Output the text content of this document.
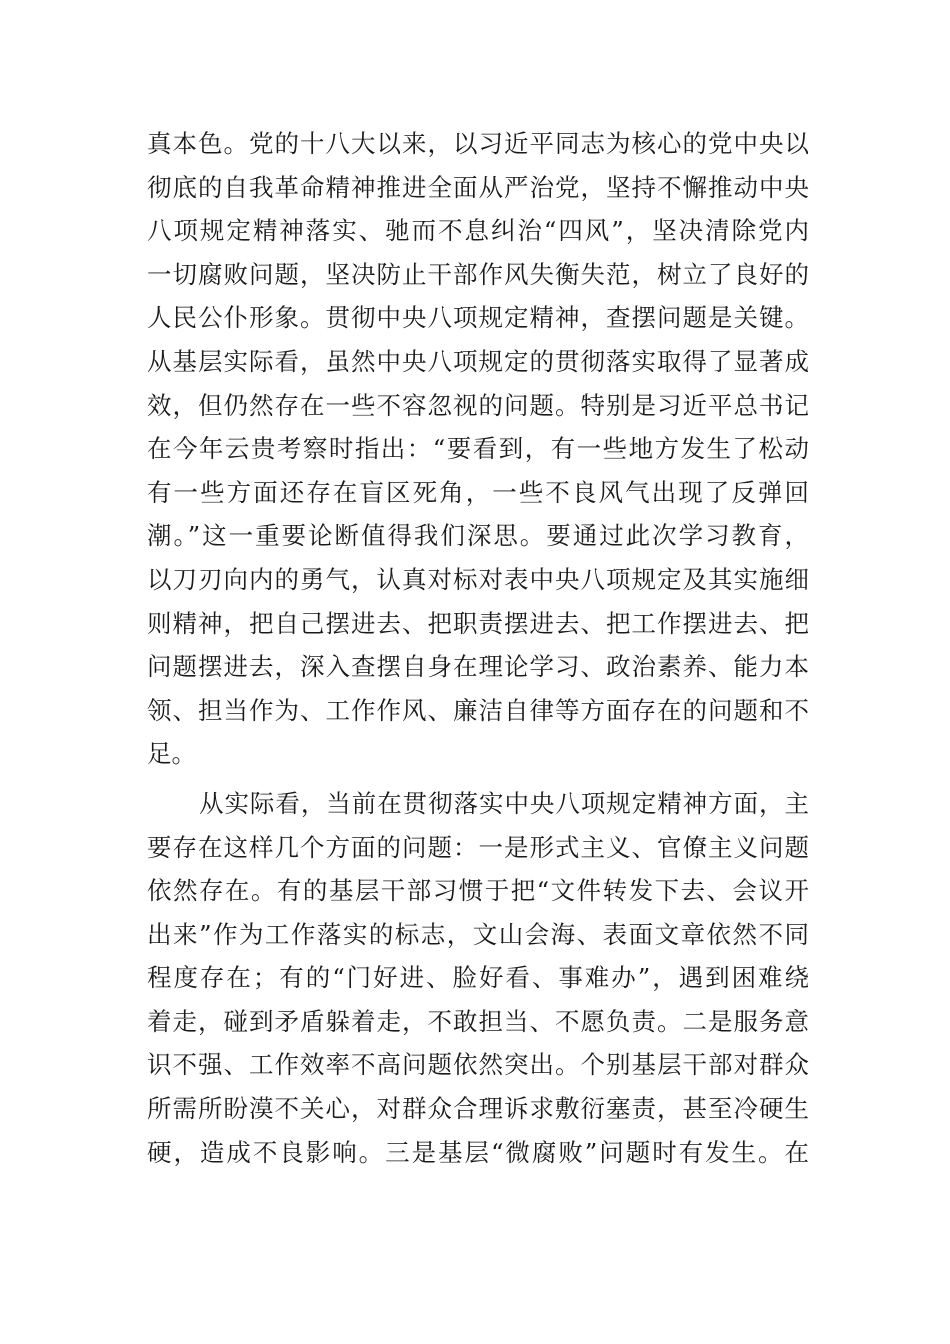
真本色。党的十八大以来，以习近平同志为核心的党中央以
彻底的自我革命精神推进全面从严治党，坚持不懈推动中央
八项规定精神落实、驰而不息纠治“四风”，坚决清除党内
一切腐败问题，坚决防止干部作风失衡失范，树立了良好的
人民公仆形象。贯彻中央八项规定精神，查摆问题是关键。
从基层实际看，虽然中央八项规定的贯彻落实取得了显著成
效，但仍然存在一些不容忽视的问题。特别是习近平总书记
在今年云贵考察时指出：“要看到，有一些地方发生了松动
有一些方面还存在盲区死角，一些不良风气出现了反弹回
潮。”这一重要论断值得我们深思。要通过此次学习教育，
以刀刃向内的勇气，认真对标对表中央八项规定及其实施细
则精神，把自己摆进去、把职责摆进去、把工作摆进去、把
问题摆进去，深入查摆自身在理论学习、政治素养、能力本
领、担当作为、工作作风、廉洁自律等方面存在的问题和不
足。
从实际看，当前在贯彻落实中央八项规定精神方面，主
要存在这样几个方面的问题：一是形式主义、官僚主义问题
依然存在。有的基层干部习惯于把“文件转发下去、会议开
出来”作为工作落实的标志，文山会海、表面文章依然不同
程度存在；有的“门好进、脸好看、事难办”，遇到困难绕
着走，碰到矛盾躲着走，不敢担当、不愿负责。二是服务意
识不强、工作效率不高问题依然突出。个别基层干部对群众
所需所盼漠不关心，对群众合理诉求敷衍塞责，甚至冷硬生
硬，造成不良影响。三是基层“微腐败”问题时有发生。在
